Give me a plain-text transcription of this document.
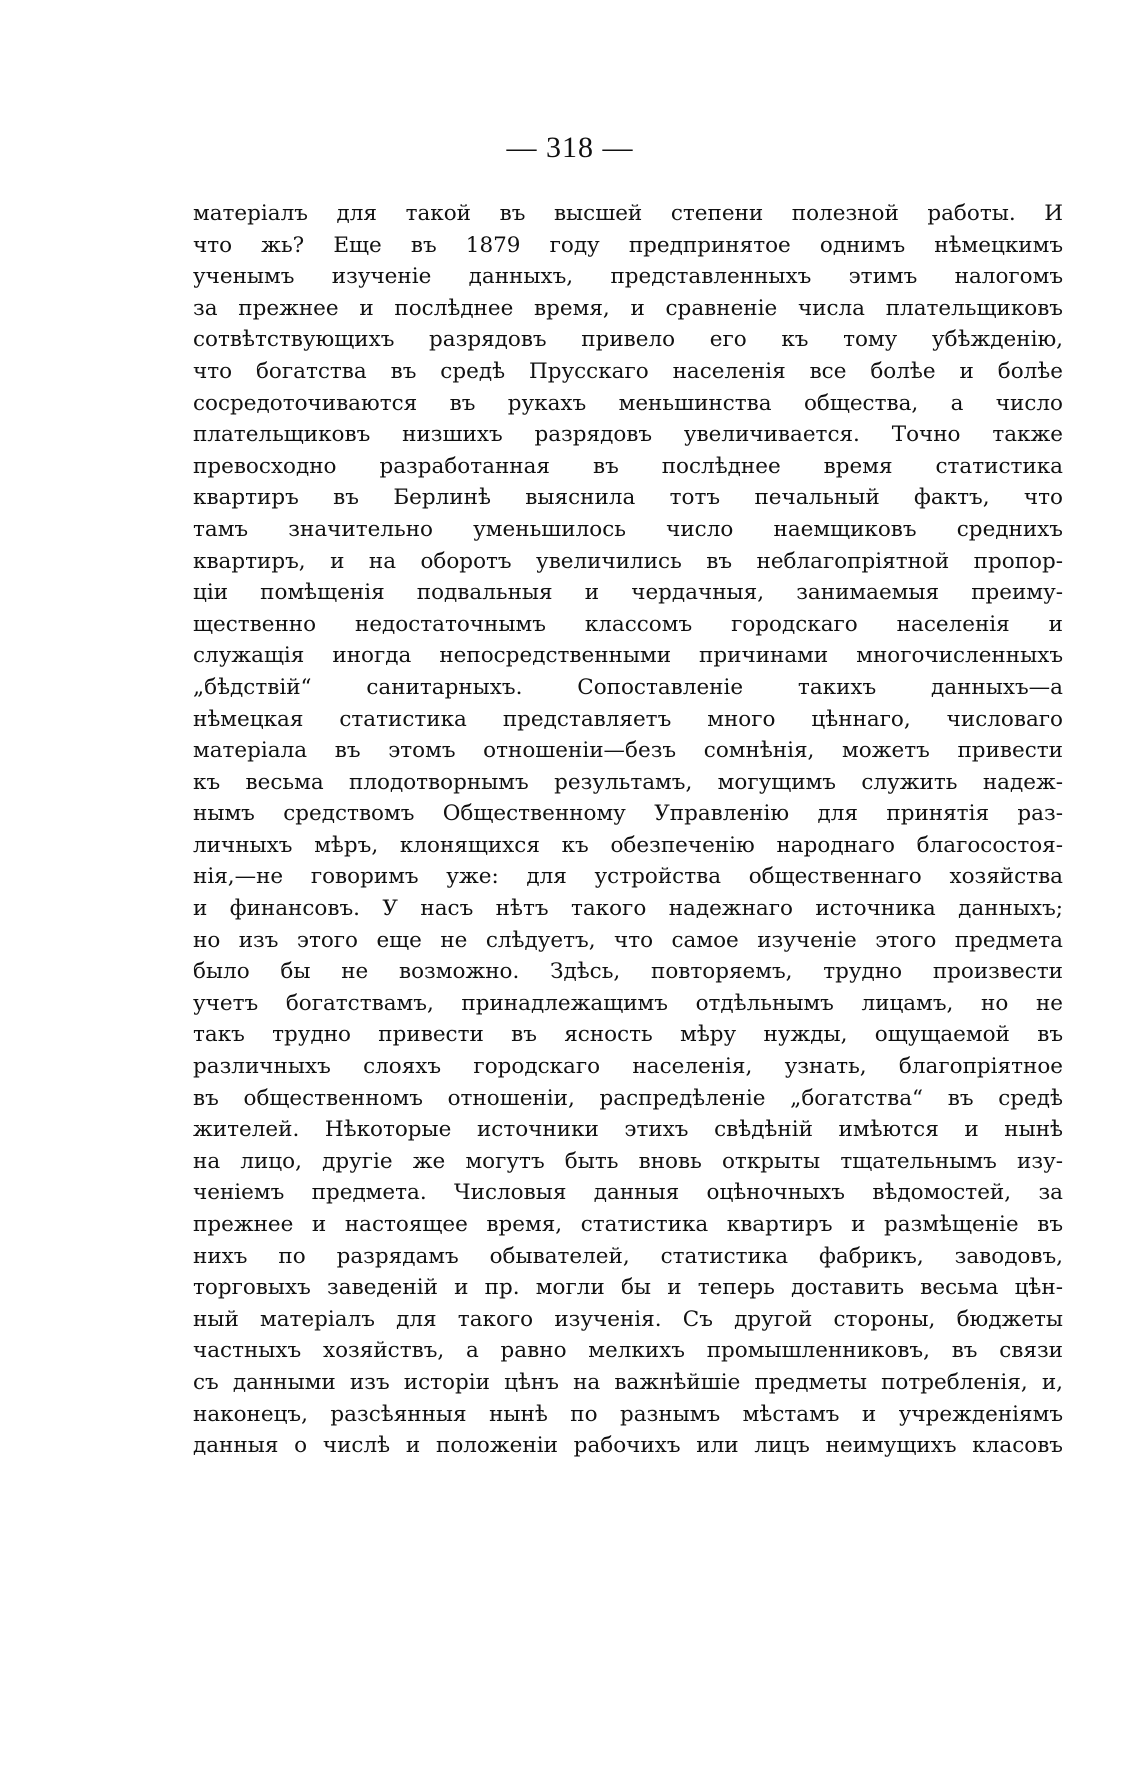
— 318 —
матеріалъ для такой въ высшей степени полезной работы. И
что жь? Еще въ 1879 году предпринятое однимъ нѣмецкимъ
ученымъ изученіе данныхъ, представленныхъ этимъ налогомъ
за прежнее и послѣднее время, и сравненіе числа плательщиковъ
сотвѣтствующихъ разрядовъ привело его къ тому убѣжденію,
что богатства въ средѣ Прусскаго населенія все болѣе и болѣе
сосредоточиваются въ рукахъ меньшинства общества, а число
плательщиковъ низшихъ разрядовъ увеличивается. Точно также
превосходно разработанная въ послѣднее время статистика
квартиръ въ Берлинѣ выяснила тотъ печальный фактъ, что
тамъ значительно уменьшилось число наемщиковъ среднихъ
квартиръ, и на оборотъ увеличились въ неблагопріятной пропор-
ціи помѣщенія подвальныя и чердачныя, занимаемыя преиму-
щественно недостаточнымъ классомъ городскаго населенія и
служащія иногда непосредственными причинами многочисленныхъ
„бѣдствій“ санитарныхъ. Сопоставленіе такихъ данныхъ—а
нѣмецкая статистика представляетъ много цѣннаго, числоваго
матеріала въ этомъ отношеніи—безъ сомнѣнія, можетъ привести
къ весьма плодотворнымъ результамъ, могущимъ служить надеж-
нымъ средствомъ Общественному Управленію для принятія раз-
личныхъ мѣръ, клонящихся къ обезпеченію народнаго благосостоя-
нія,—не говоримъ уже: для устройства общественнаго хозяйства
и финансовъ. У насъ нѣтъ такого надежнаго источника данныхъ;
но изъ этого еще не слѣдуетъ, что самое изученіе этого предмета
было бы не возможно. Здѣсь, повторяемъ, трудно произвести
учетъ богатствамъ, принадлежащимъ отдѣльнымъ лицамъ, но не
такъ трудно привести въ ясность мѣру нужды, ощущаемой въ
различныхъ слояхъ городскаго населенія, узнать, благопріятное
въ общественномъ отношеніи, распредѣленіе „богатства“ въ средѣ
жителей. Нѣкоторые источники этихъ свѣдѣній имѣются и нынѣ
на лицо, другіе же могутъ быть вновь открыты тщательнымъ изу-
ченіемъ предмета. Числовыя данныя оцѣночныхъ вѣдомостей, за
прежнее и настоящее время, статистика квартиръ и размѣщеніе въ
нихъ по разрядамъ обывателей, статистика фабрикъ, заводовъ,
торговыхъ заведеній и пр. могли бы и теперь доставить весьма цѣн-
ный матеріалъ для такого изученія. Съ другой стороны, бюджеты
частныхъ хозяйствъ, а равно мелкихъ промышленниковъ, въ связи
съ данными изъ исторіи цѣнъ на важнѣйшіе предметы потребленія, и,
наконецъ, разсѣянныя нынѣ по разнымъ мѣстамъ и учрежденіямъ
данныя о числѣ и положеніи рабочихъ или лицъ неимущихъ класовъ
